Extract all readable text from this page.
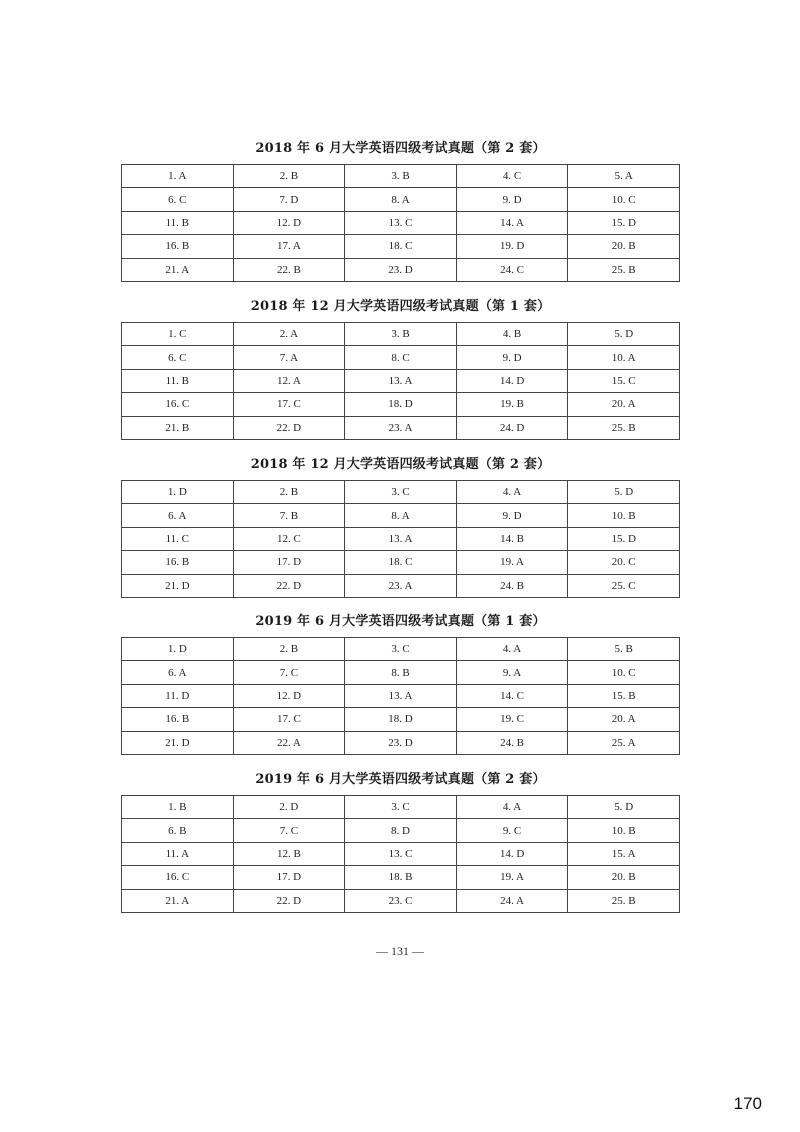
2018 年 6 月大学英语四级考试真题（第 2 套）
1. A	2. B	3. B	4. C	5. A
6. C	7. D	8. A	9. D	10. C
11. B	12. D	13. C	14. A	15. D
16. B	17. A	18. C	19. D	20. B
21. A	22. B	23. D	24. C	25. B
2018 年 12 月大学英语四级考试真题（第 1 套）
1. C	2. A	3. B	4. B	5. D
6. C	7. A	8. C	9. D	10. A
11. B	12. A	13. A	14. D	15. C
16. C	17. C	18. D	19. B	20. A
21. B	22. D	23. A	24. D	25. B
2018 年 12 月大学英语四级考试真题（第 2 套）
1. D	2. B	3. C	4. A	5. D
6. A	7. B	8. A	9. D	10. B
11. C	12. C	13. A	14. B	15. D
16. B	17. D	18. C	19. A	20. C
21. D	22. D	23. A	24. B	25. C
2019 年 6 月大学英语四级考试真题（第 1 套）
1. D	2. B	3. C	4. A	5. B
6. A	7. C	8. B	9. A	10. C
11. D	12. D	13. A	14. C	15. B
16. B	17. C	18. D	19. C	20. A
21. D	22. A	23. D	24. B	25. A
2019 年 6 月大学英语四级考试真题（第 2 套）
1. B	2. D	3. C	4. A	5. D
6. B	7. C	8. D	9. C	10. B
11. A	12. B	13. C	14. D	15. A
16. C	17. D	18. B	19. A	20. B
21. A	22. D	23. C	24. A	25. B
— 131 —
170
